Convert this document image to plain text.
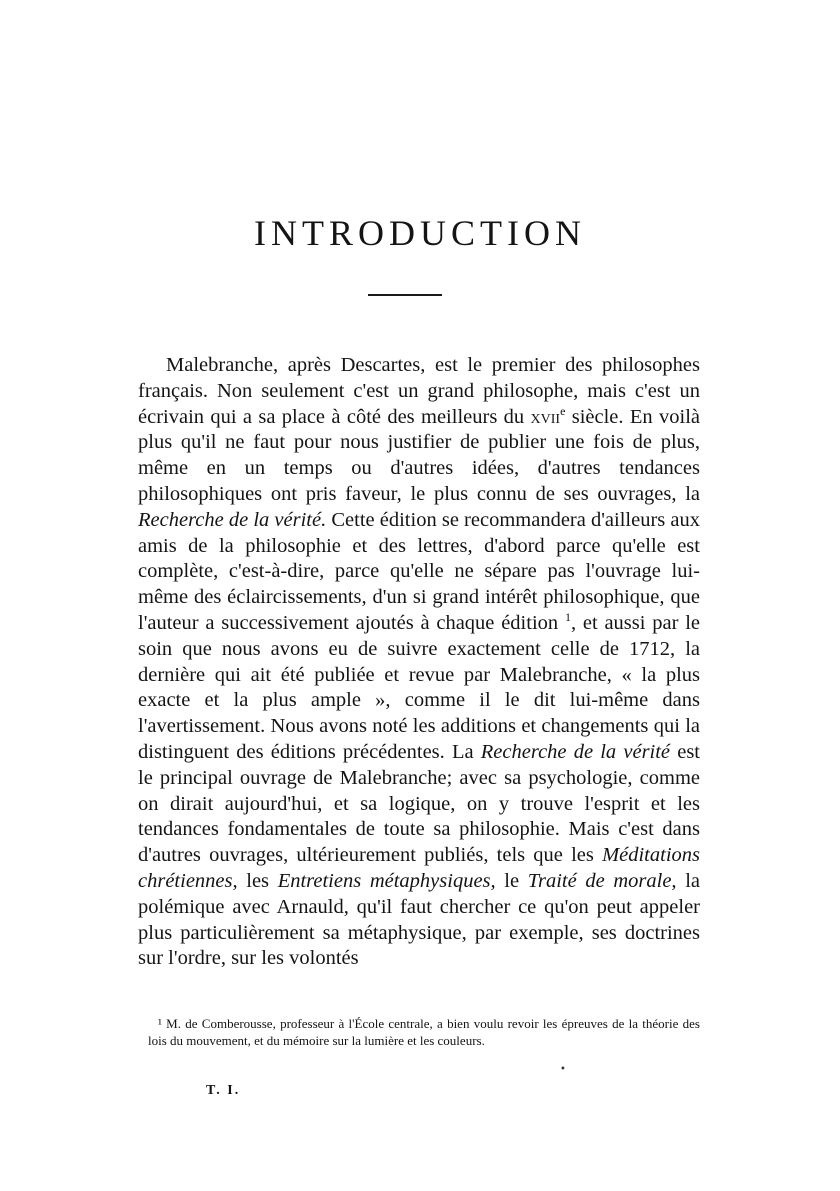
INTRODUCTION

Malebranche, après Descartes, est le premier des philosophes français. Non seulement c'est un grand philosophe, mais c'est un écrivain qui a sa place à côté des meilleurs du xvii$^e$ siècle. En voilà plus qu'il ne faut pour nous justifier de publier une fois de plus, même en un temps ou d'autres idées, d'autres tendances philosophiques ont pris faveur, le plus connu de ses ouvrages, la Recherche de la vérité. Cette édition se recommandera d'ailleurs aux amis de la philosophie et des lettres, d'abord parce qu'elle est complète, c'est-à-dire, parce qu'elle ne sépare pas l'ouvrage lui-même des éclaircissements, d'un si grand intérêt philosophique, que l'auteur a successivement ajoutés à chaque édition $^1$, et aussi par le soin que nous avons eu de suivre exactement celle de 1712, la dernière qui ait été publiée et revue par Malebranche, « la plus exacte et la plus ample », comme il le dit lui-même dans l'avertissement. Nous avons noté les additions et changements qui la distinguent des éditions précédentes. La Recherche de la vérité est le principal ouvrage de Malebranche; avec sa psychologie, comme on dirait aujourd'hui, et sa logique, on y trouve l'esprit et les tendances fondamentales de toute sa philosophie. Mais c'est dans d'autres ouvrages, ultérieurement publiés, tels que les Méditations chrétiennes, les Entretiens métaphysiques, le Traité de morale, la polémique avec Arnauld, qu'il faut chercher ce qu'on peut appeler plus particulièrement sa métaphysique, par exemple, ses doctrines sur l'ordre, sur les volontés

¹ M. de Comberousse, professeur à l'École centrale, a bien voulu revoir les épreuves de la théorie des lois du mouvement, et du mémoire sur la lumière et les couleurs.

•
T. I.
